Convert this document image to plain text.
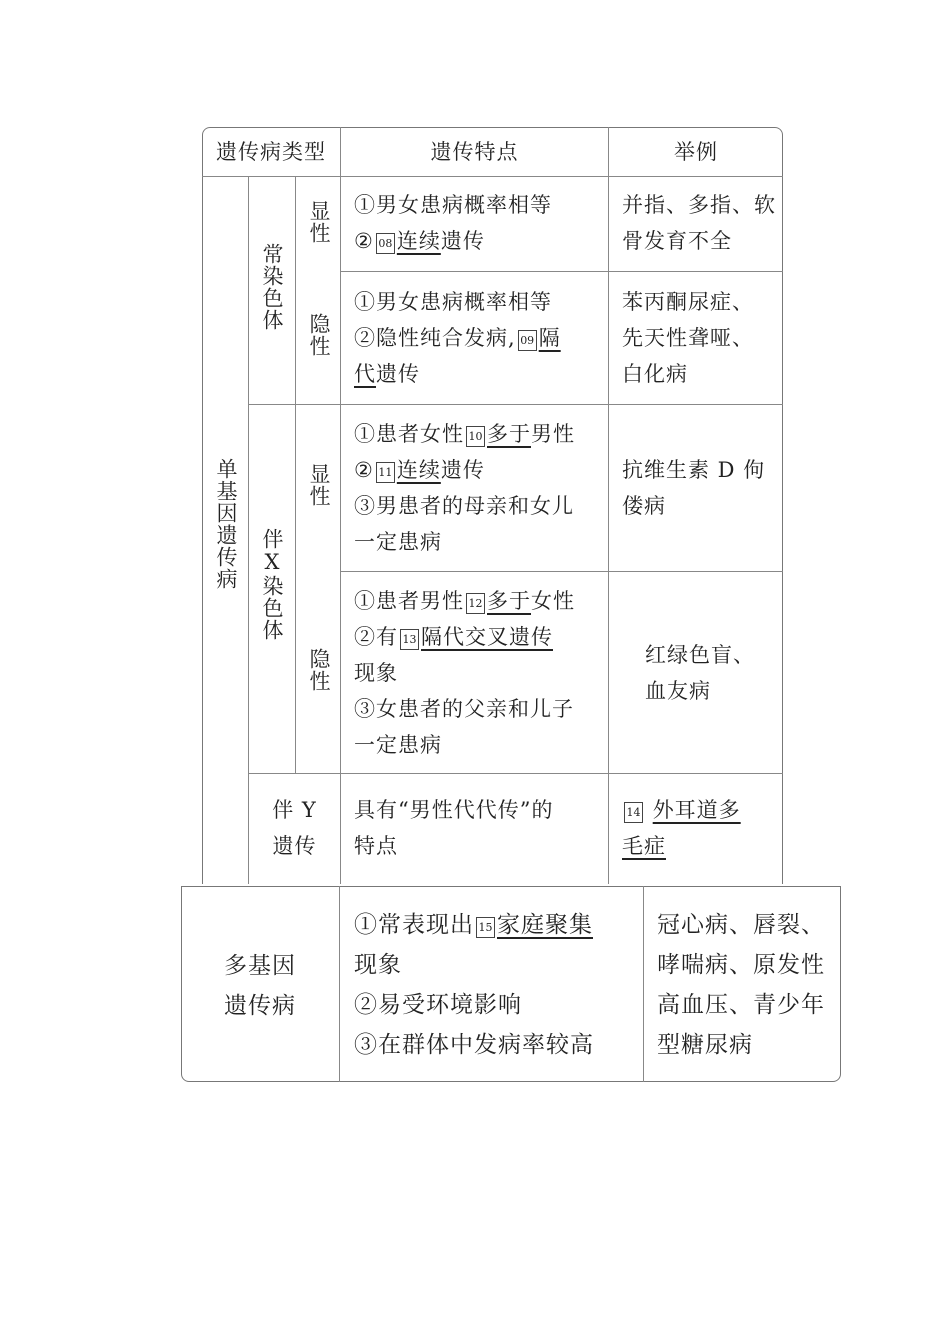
遗传病类型	遗传特点	举例
单基因遗传病
常染色体
伴X染色体
显性
隐性
显性
隐性
伴 Y
遗传
①男女患病概率相等
② 08 连续遗传
并指、多指、软
骨发育不全
①男女患病概率相等
②隐性纯合发病, 09 隔
代遗传
苯丙酮尿症、
先天性聋哑、
白化病
①患者女性 10 多于男性
② 11 连续遗传
③男患者的母亲和女儿
一定患病
抗维生素 D 佝
偻病
①患者男性 12 多于女性
②有 13 隔代交叉遗传
现象
③女患者的父亲和儿子
一定患病
红绿色盲、
血友病
具有“男性代代传”的
特点
14 外耳道多
毛症
多基因
遗传病
①常表现出 15 家庭聚集
现象
②易受环境影响
③在群体中发病率较高
冠心病、唇裂、
哮喘病、原发性
高血压、青少年
型糖尿病
